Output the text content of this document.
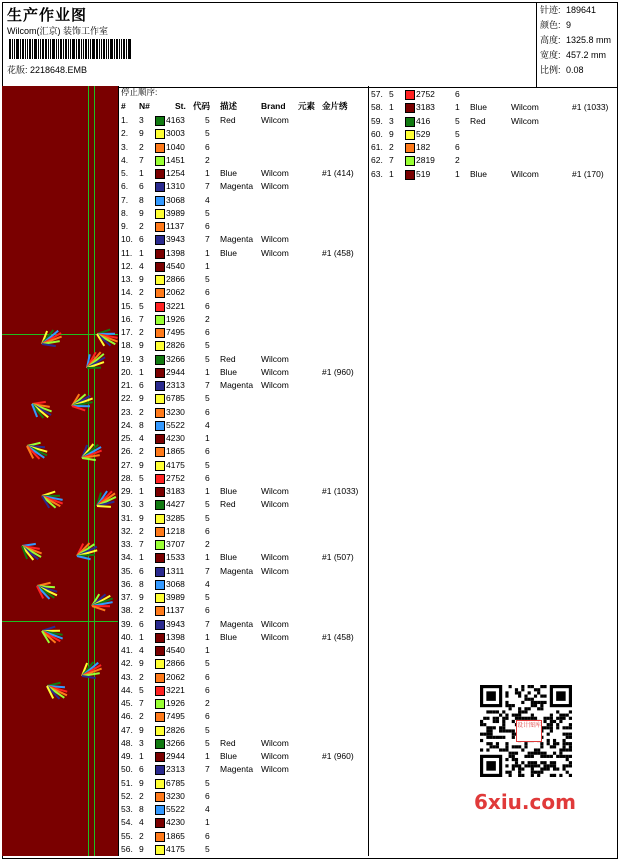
生产作业图
Wilcom(汇京) 装饰工作室
花版: 2218648.EMB
针迹: 189641
颜色: 9
高度: 1325.8 mm
宽度: 457.2 mm
比例: 0.08
停止顺序:
# N#	St. 代码 描述	Brand 元素 金片绣
1. 3	4163 5 Red	Wilcom
2. 9	3003 5
3. 2	1040 6
4. 7	1451 2
5. 1	1254 1 Blue	Wilcom	#1 (414)
6. 6	1310 7 Magenta Wilcom
7. 8	3068 4
8. 9	3989 5
9. 2	1137 6
10. 6	3943 7 Magenta Wilcom
11. 1	1398 1 Blue	Wilcom	#1 (458)
12. 4	4540 1
13. 9	2866 5
14. 2	2062 6
15. 5	3221 6
16. 7	1926 2
17. 2	7495 6
18. 9	2826 5
19. 3	3266 5 Red	Wilcom
20. 1	2944 1 Blue	Wilcom	#1 (960)
21. 6	2313 7 Magenta Wilcom
22. 9	6785 5
23. 2	3230 6
24. 8	5522 4
25. 4	4230 1
26. 2	1865 6
27. 9	4175 5
28. 5	2752 6
29. 1	3183 1 Blue	Wilcom	#1 (1033)
30. 3	4427 5 Red	Wilcom
31. 9	3285 5
32. 2	1218 6
33. 7	3707 2
34. 1	1533 1 Blue	Wilcom	#1 (507)
35. 6	1311 7 Magenta Wilcom
36. 8	3068 4
37. 9	3989 5
38. 2	1137 6
39. 6	3943 7 Magenta Wilcom
40. 1	1398 1 Blue	Wilcom	#1 (458)
41. 4	4540 1
42. 9	2866 5
43. 2	2062 6
44. 5	3221 6
45. 7	1926 2
46. 2	7495 6
47. 9	2826 5
48. 3	3266 5 Red	Wilcom
49. 1	2944 1 Blue	Wilcom	#1 (960)
50. 6	2313 7 Magenta Wilcom
51. 9	6785 5
52. 2	3230 6
53. 8	5522 4
54. 4	4230 1
55. 2	1865 6
56. 9	4175 5
57. 5	2752 6
58. 1	3183 1 Blue	Wilcom	#1 (1033)
59. 3	416	5 Red	Wilcom
60. 9	529	5
61. 2	182	6
62. 7	2819 2
63. 1	519	1 Blue	Wilcom	#1 (170)
设计图库
6xiu.com
